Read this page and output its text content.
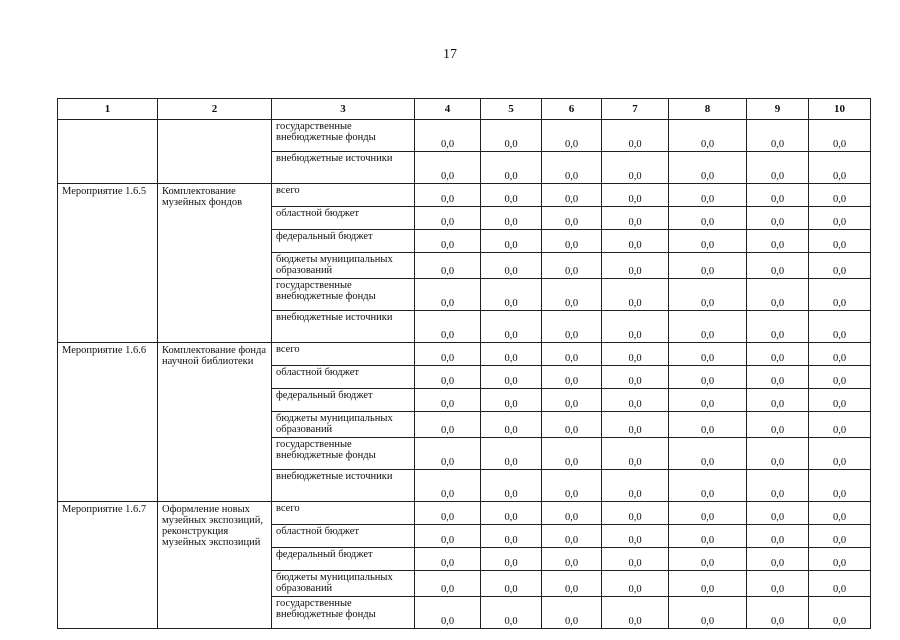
17
1	2	3	4	5	6	7	8	9	10
		государственные внебюджетные фонды	0,0	0,0	0,0	0,0	0,0	0,0	0,0
		внебюджетные источники	0,0	0,0	0,0	0,0	0,0	0,0	0,0
Мероприятие 1.6.5	Комплектование музейных фондов	всего	0,0	0,0	0,0	0,0	0,0	0,0	0,0
		областной бюджет	0,0	0,0	0,0	0,0	0,0	0,0	0,0
		федеральный бюджет	0,0	0,0	0,0	0,0	0,0	0,0	0,0
		бюджеты муниципальных образований	0,0	0,0	0,0	0,0	0,0	0,0	0,0
		государственные внебюджетные фонды	0,0	0,0	0,0	0,0	0,0	0,0	0,0
		внебюджетные источники	0,0	0,0	0,0	0,0	0,0	0,0	0,0
Мероприятие 1.6.6	Комплектование фонда научной библиотеки	всего	0,0	0,0	0,0	0,0	0,0	0,0	0,0
		областной бюджет	0,0	0,0	0,0	0,0	0,0	0,0	0,0
		федеральный бюджет	0,0	0,0	0,0	0,0	0,0	0,0	0,0
		бюджеты муниципальных образований	0,0	0,0	0,0	0,0	0,0	0,0	0,0
		государственные внебюджетные фонды	0,0	0,0	0,0	0,0	0,0	0,0	0,0
		внебюджетные источники	0,0	0,0	0,0	0,0	0,0	0,0	0,0
Мероприятие 1.6.7	Оформление новых музейных экспозиций, реконструкция музейных экспозиций	всего	0,0	0,0	0,0	0,0	0,0	0,0	0,0
		областной бюджет	0,0	0,0	0,0	0,0	0,0	0,0	0,0
		федеральный бюджет	0,0	0,0	0,0	0,0	0,0	0,0	0,0
		бюджеты муниципальных образований	0,0	0,0	0,0	0,0	0,0	0,0	0,0
		государственные внебюджетные фонды	0,0	0,0	0,0	0,0	0,0	0,0	0,0
